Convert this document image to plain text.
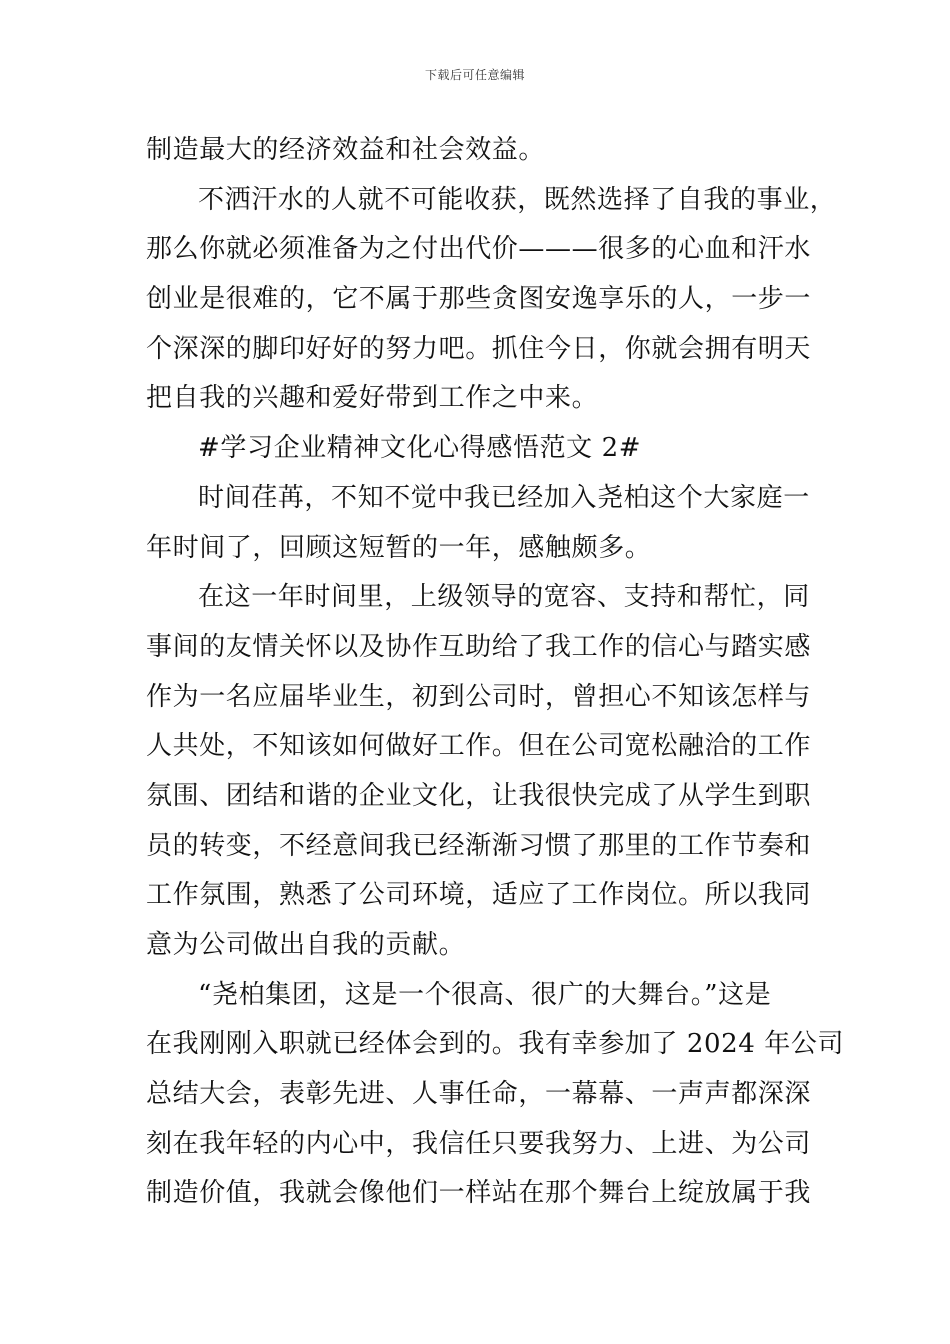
下载后可任意编辑
制造最大的经济效益和社会效益。
不洒汗水的人就不可能收获，既然选择了自我的事业，
那么你就必须准备为之付出代价———很多的心血和汗水
创业是很难的，它不属于那些贪图安逸享乐的人，一步一
个深深的脚印好好的努力吧。抓住今日，你就会拥有明天
把自我的兴趣和爱好带到工作之中来。
#学习企业精神文化心得感悟范文 2#
时间荏苒，不知不觉中我已经加入尧柏这个大家庭一
年时间了，回顾这短暂的一年，感触颇多。
在这一年时间里，上级领导的宽容、支持和帮忙，同
事间的友情关怀以及协作互助给了我工作的信心与踏实感
作为一名应届毕业生，初到公司时，曾担心不知该怎样与
人共处，不知该如何做好工作。但在公司宽松融洽的工作
氛围、团结和谐的企业文化，让我很快完成了从学生到职
员的转变，不经意间我已经渐渐习惯了那里的工作节奏和
工作氛围，熟悉了公司环境，适应了工作岗位。所以我同
意为公司做出自我的贡献。
“尧柏集团，这是一个很高、很广的大舞台。”这是
在我刚刚入职就已经体会到的。我有幸参加了 2024 年公司
总结大会，表彰先进、人事任命，一幕幕、一声声都深深
刻在我年轻的内心中，我信任只要我努力、上进、为公司
制造价值，我就会像他们一样站在那个舞台上绽放属于我
